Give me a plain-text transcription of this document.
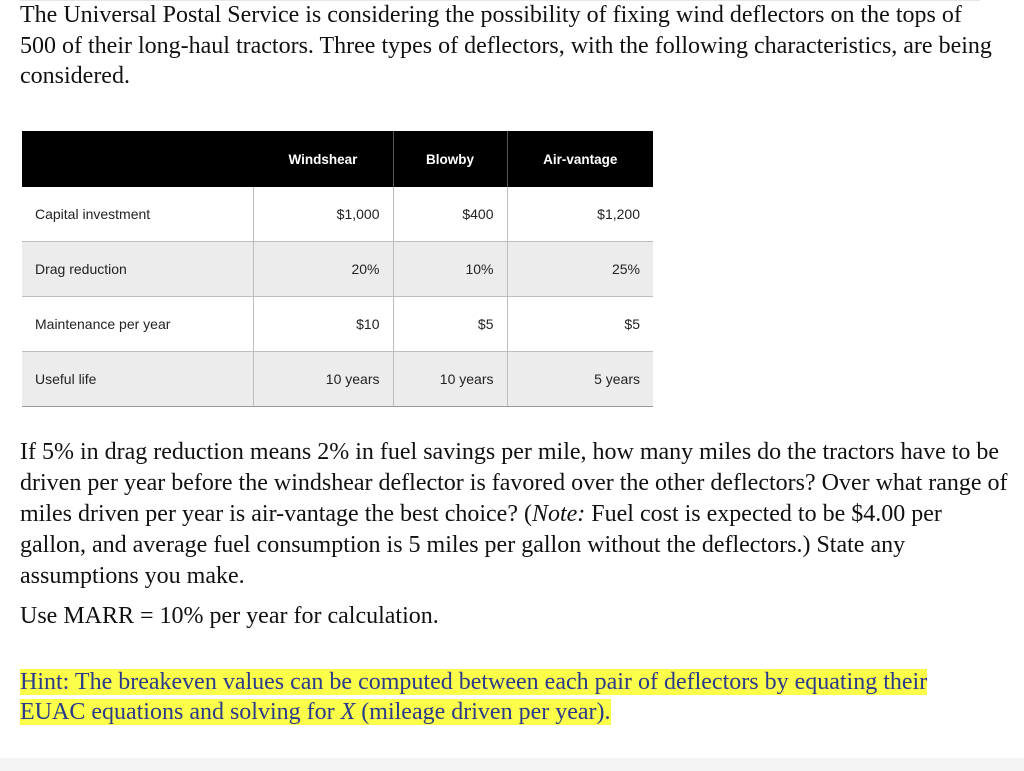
The Universal Postal Service is considering the possibility of fixing wind deflectors on the tops of 500 of their long-haul tractors. Three types of deflectors, with the following characteristics, are being considered.

	Windshear	Blowby	Air-vantage
Capital investment	$1,000	$400	$1,200
Drag reduction	20%	10%	25%
Maintenance per year	$10	$5	$5
Useful life	10 years	10 years	5 years

If 5% in drag reduction means 2% in fuel savings per mile, how many miles do the tractors have to be driven per year before the windshear deflector is favored over the other deflectors? Over what range of miles driven per year is air-vantage the best choice? (Note: Fuel cost is expected to be $4.00 per gallon, and average fuel consumption is 5 miles per gallon without the deflectors.) State any assumptions you make.

Use MARR = 10% per year for calculation.

Hint: The breakeven values can be computed between each pair of deflectors by equating their EUAC equations and solving for X (mileage driven per year).
